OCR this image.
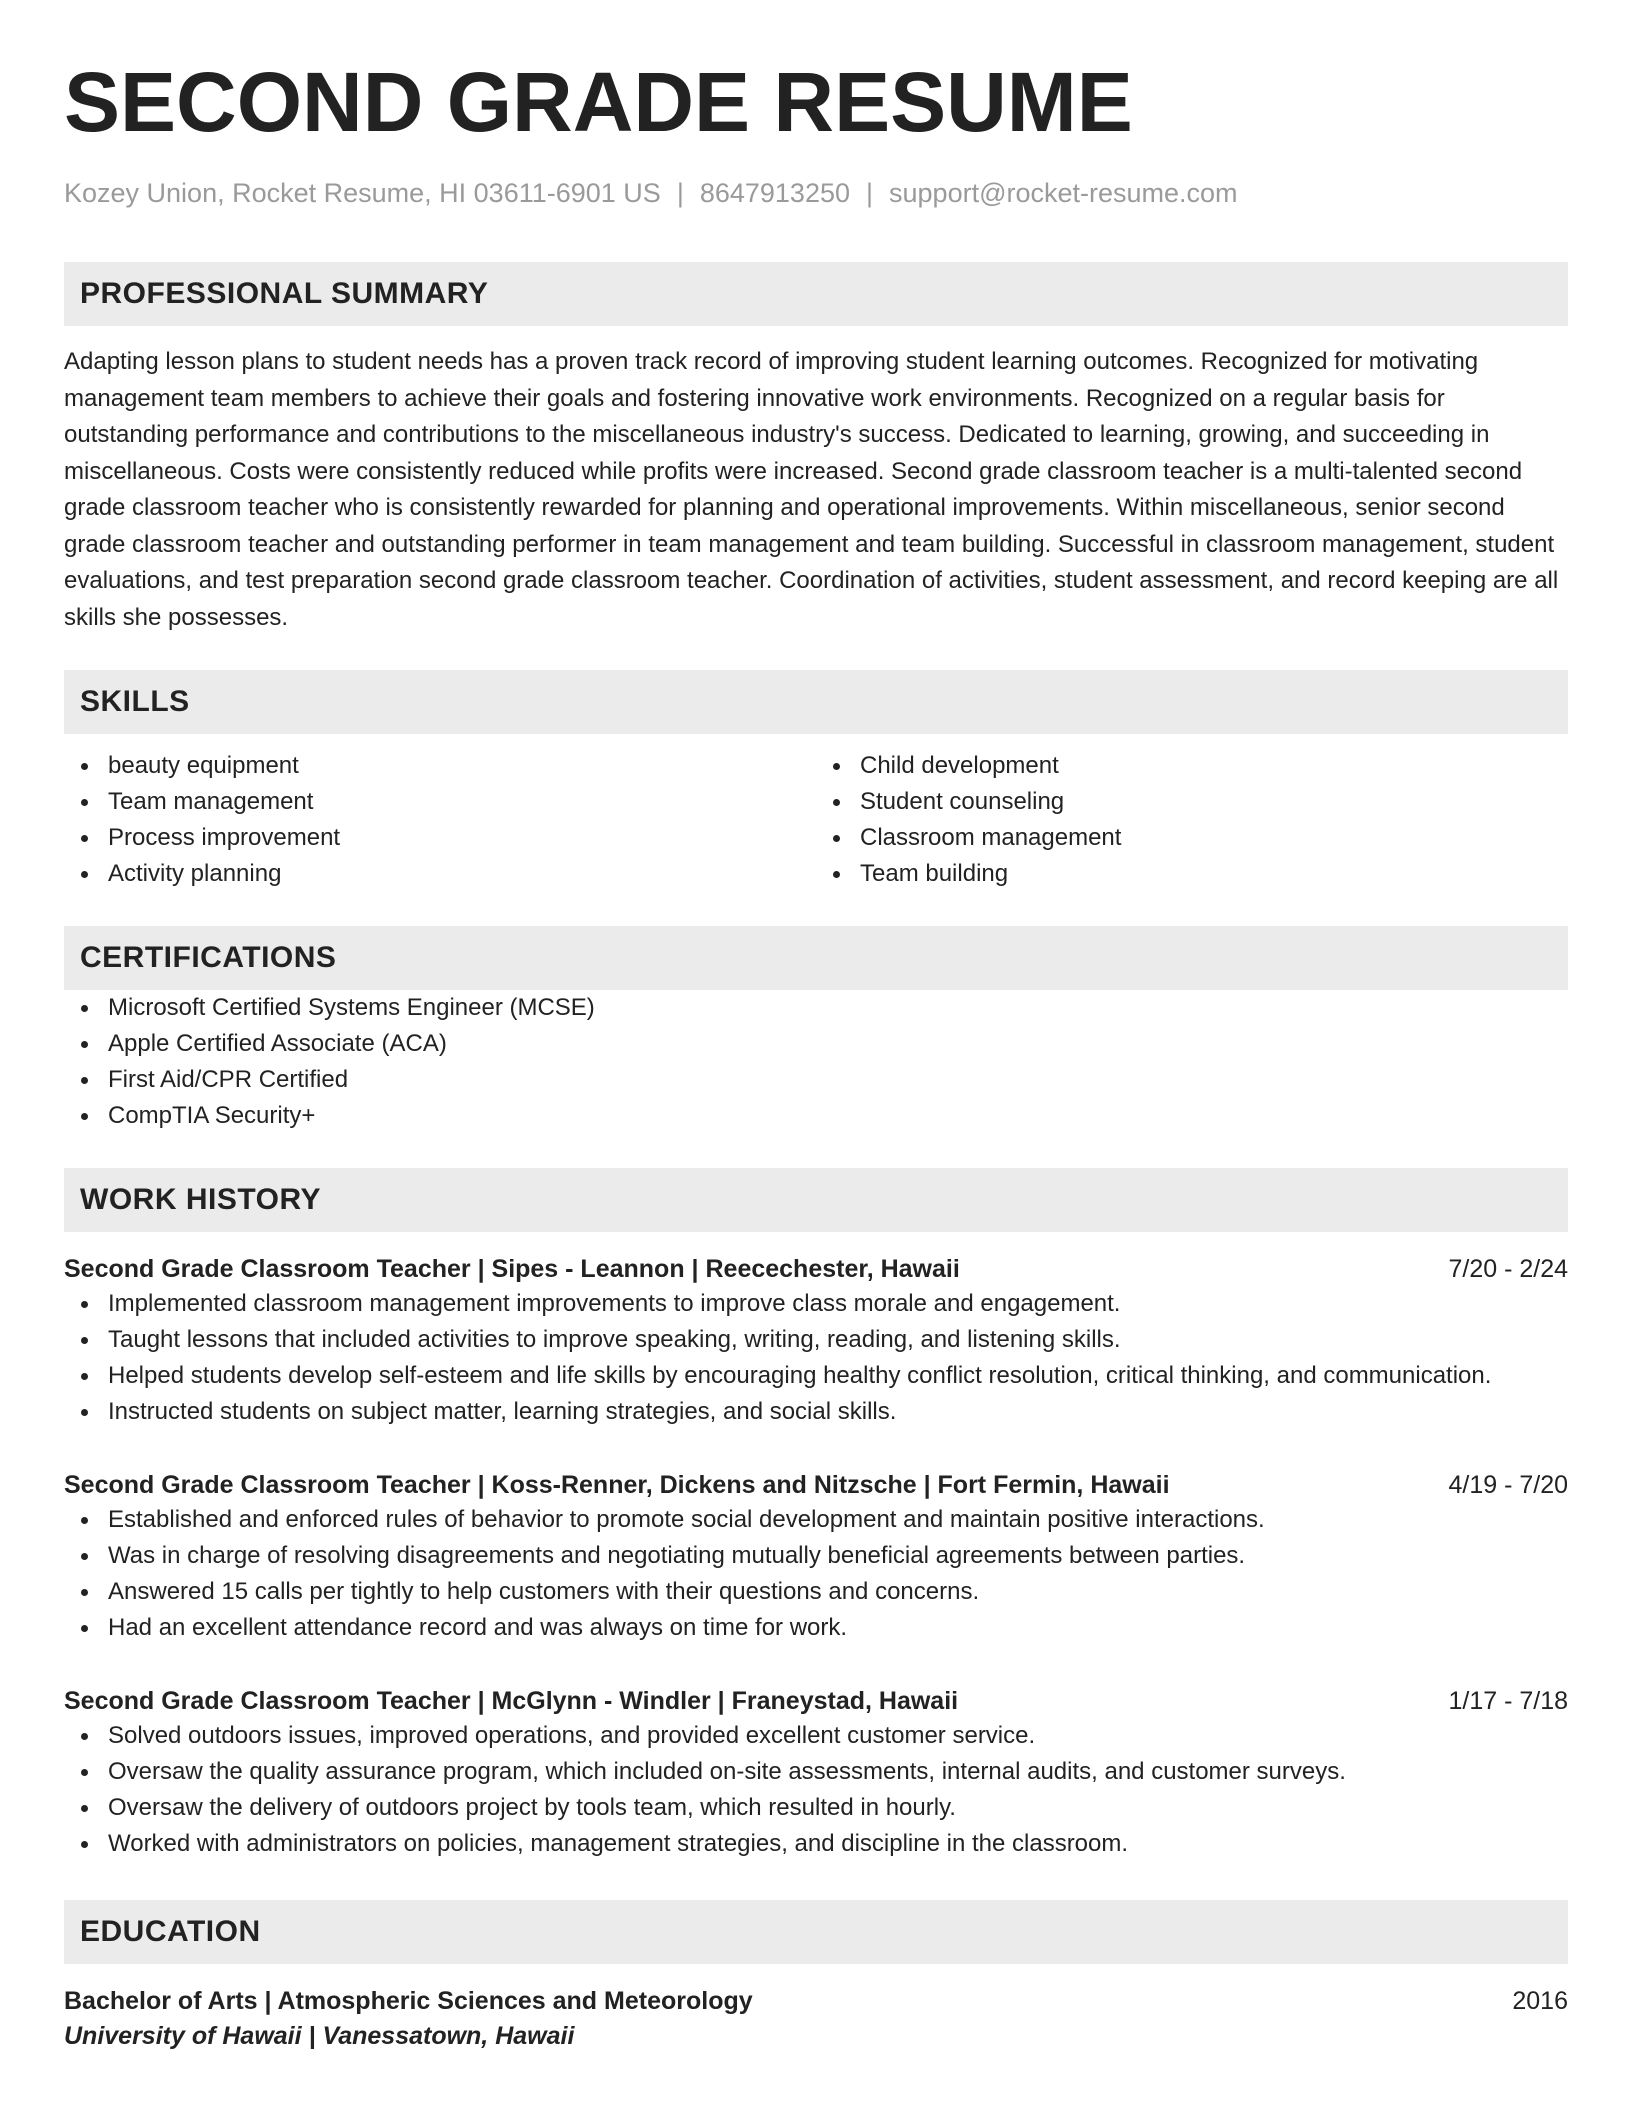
SECOND GRADE RESUME
Kozey Union, Rocket Resume, HI 03611-6901 US | 8647913250 | support@rocket-resume.com
PROFESSIONAL SUMMARY
Adapting lesson plans to student needs has a proven track record of improving student learning outcomes. Recognized for motivating management team members to achieve their goals and fostering innovative work environments. Recognized on a regular basis for outstanding performance and contributions to the miscellaneous industry's success. Dedicated to learning, growing, and succeeding in miscellaneous. Costs were consistently reduced while profits were increased. Second grade classroom teacher is a multi-talented second grade classroom teacher who is consistently rewarded for planning and operational improvements. Within miscellaneous, senior second grade classroom teacher and outstanding performer in team management and team building. Successful in classroom management, student evaluations, and test preparation second grade classroom teacher. Coordination of activities, student assessment, and record keeping are all skills she possesses.
SKILLS
beauty equipment
Team management
Process improvement
Activity planning
Child development
Student counseling
Classroom management
Team building
CERTIFICATIONS
Microsoft Certified Systems Engineer (MCSE)
Apple Certified Associate (ACA)
First Aid/CPR Certified
CompTIA Security+
WORK HISTORY
Second Grade Classroom Teacher | Sipes - Leannon | Reecechester, Hawaii	7/20 - 2/24
Implemented classroom management improvements to improve class morale and engagement.
Taught lessons that included activities to improve speaking, writing, reading, and listening skills.
Helped students develop self-esteem and life skills by encouraging healthy conflict resolution, critical thinking, and communication.
Instructed students on subject matter, learning strategies, and social skills.
Second Grade Classroom Teacher | Koss-Renner, Dickens and Nitzsche | Fort Fermin, Hawaii	4/19 - 7/20
Established and enforced rules of behavior to promote social development and maintain positive interactions.
Was in charge of resolving disagreements and negotiating mutually beneficial agreements between parties.
Answered 15 calls per tightly to help customers with their questions and concerns.
Had an excellent attendance record and was always on time for work.
Second Grade Classroom Teacher | McGlynn - Windler | Franeystad, Hawaii	1/17 - 7/18
Solved outdoors issues, improved operations, and provided excellent customer service.
Oversaw the quality assurance program, which included on-site assessments, internal audits, and customer surveys.
Oversaw the delivery of outdoors project by tools team, which resulted in hourly.
Worked with administrators on policies, management strategies, and discipline in the classroom.
EDUCATION
Bachelor of Arts | Atmospheric Sciences and Meteorology	2016
University of Hawaii | Vanessatown, Hawaii
